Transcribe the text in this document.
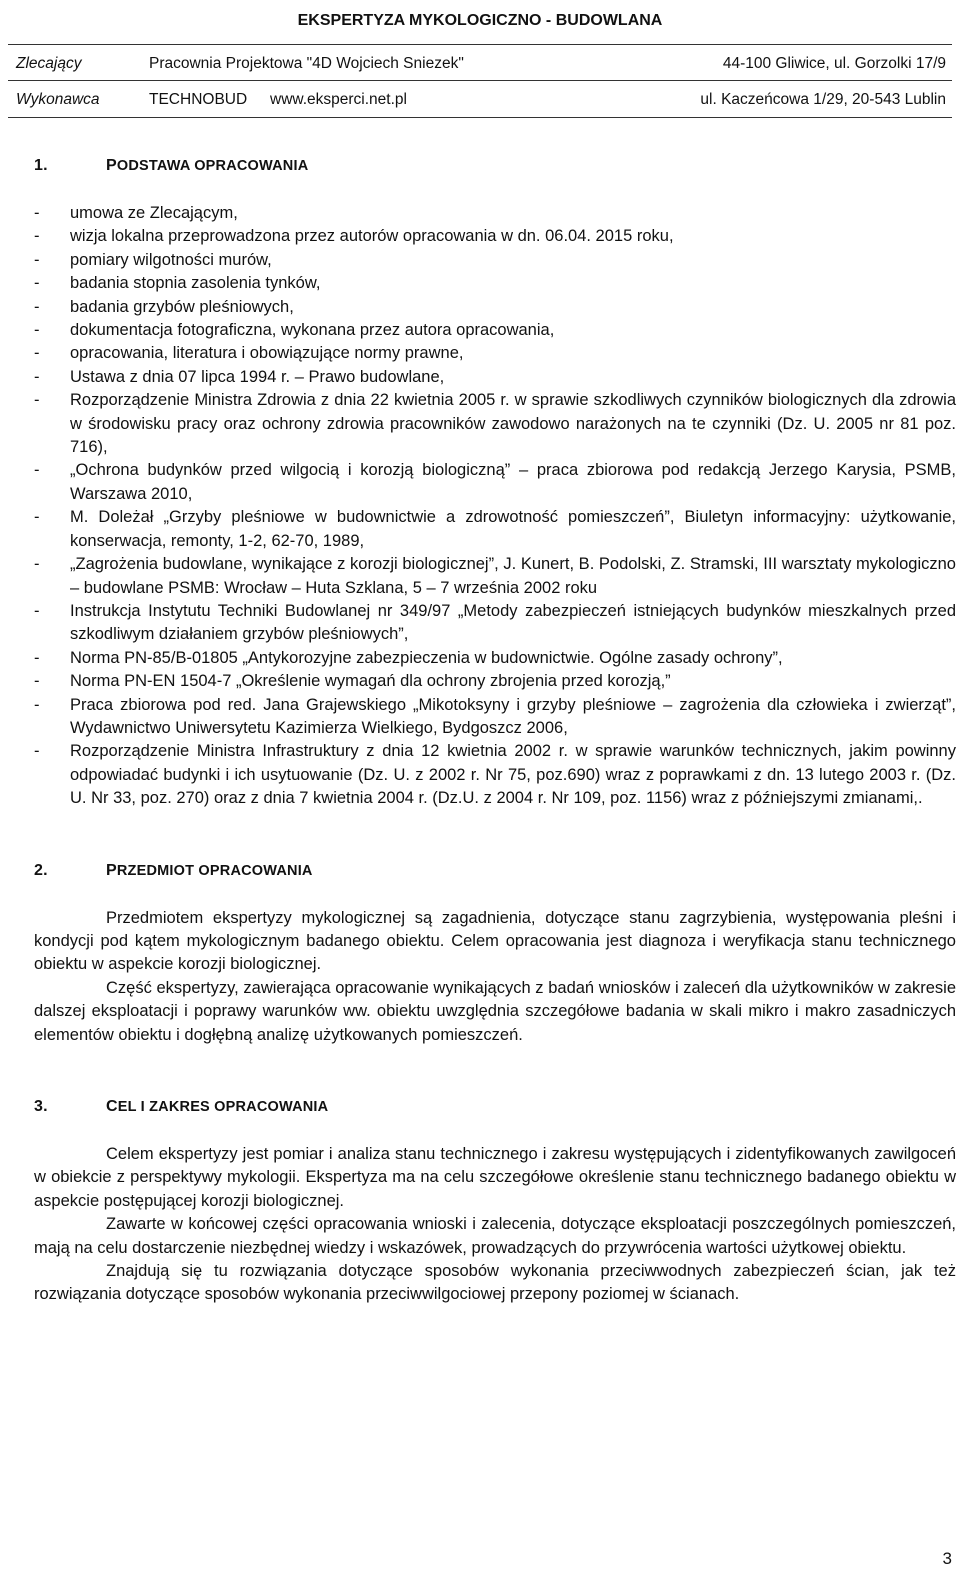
EKSPERTYZA MYKOLOGICZNO - BUDOWLANA
Zlecający	Pracownia Projektowa "4D Wojciech Sniezek"	44-100 Gliwice, ul. Gorzolki 17/9
Wykonawca	TECHNOBUD www.eksperci.net.pl	ul. Kaczeńcowa 1/29, 20-543 Lublin
1.	PODSTAWA OPRACOWANIA
- umowa ze Zlecającym,
- wizja lokalna przeprowadzona przez autorów opracowania w dn. 06.04. 2015 roku,
- pomiary wilgotności murów,
- badania stopnia zasolenia tynków,
- badania grzybów pleśniowych,
- dokumentacja fotograficzna, wykonana przez autora opracowania,
- opracowania, literatura i obowiązujące normy prawne,
- Ustawa z dnia 07 lipca 1994 r. – Prawo budowlane,
- Rozporządzenie Ministra Zdrowia z dnia 22 kwietnia 2005 r. w sprawie szkodliwych czynników biologicznych dla zdrowia w środowisku pracy oraz ochrony zdrowia pracowników zawodowo narażonych na te czynniki (Dz. U. 2005 nr 81 poz. 716),
- „Ochrona budynków przed wilgocią i korozją biologiczną” – praca zbiorowa pod redakcją Jerzego Karysia, PSMB, Warszawa 2010,
- M. Doleżał „Grzyby pleśniowe w budownictwie a zdrowotność pomieszczeń”, Biuletyn informacyjny: użytkowanie, konserwacja, remonty, 1-2, 62-70, 1989,
- „Zagrożenia budowlane, wynikające z korozji biologicznej”, J. Kunert, B. Podolski, Z. Stramski, III warsztaty mykologiczno – budowlane PSMB: Wrocław – Huta Szklana, 5 – 7 września 2002 roku
- Instrukcja Instytutu Techniki Budowlanej nr 349/97 „Metody zabezpieczeń istniejących budynków mieszkalnych przed szkodliwym działaniem grzybów pleśniowych”,
- Norma PN-85/B-01805 „Antykorozyjne zabezpieczenia w budownictwie. Ogólne zasady ochrony”,
- Norma PN-EN 1504-7 „Określenie wymagań dla ochrony zbrojenia przed korozją,”
- Praca zbiorowa pod red. Jana Grajewskiego „Mikotoksyny i grzyby pleśniowe – zagrożenia dla człowieka i zwierząt”, Wydawnictwo Uniwersytetu Kazimierza Wielkiego, Bydgoszcz 2006,
- Rozporządzenie Ministra Infrastruktury z dnia 12 kwietnia 2002 r. w sprawie warunków technicznych, jakim powinny odpowiadać budynki i ich usytuowanie (Dz. U. z 2002 r. Nr 75, poz.690) wraz z poprawkami z dn. 13 lutego 2003 r. (Dz. U. Nr 33, poz. 270) oraz z dnia 7 kwietnia 2004 r. (Dz.U. z 2004 r. Nr 109, poz. 1156) wraz z późniejszymi zmianami,.
2.	PRZEDMIOT OPRACOWANIA

Przedmiotem ekspertyzy mykologicznej są zagadnienia, dotyczące stanu zagrzybienia, występowania pleśni i kondycji pod kątem mykologicznym badanego obiektu. Celem opracowania jest diagnoza i weryfikacja stanu technicznego obiektu w aspekcie korozji biologicznej.

Część ekspertyzy, zawierająca opracowanie wynikających z badań wniosków i zaleceń dla użytkowników w zakresie dalszej eksploatacji i poprawy warunków ww. obiektu uwzględnia szczegółowe badania w skali mikro i makro zasadniczych elementów obiektu i dogłębną analizę użytkowanych pomieszczeń.

3.	CEL I ZAKRES OPRACOWANIA

Celem ekspertyzy jest pomiar i analiza stanu technicznego i zakresu występujących i zidentyfikowanych zawilgoceń w obiekcie z perspektywy mykologii. Ekspertyza ma na celu szczegółowe określenie stanu technicznego badanego obiektu w aspekcie postępującej korozji biologicznej.

Zawarte w końcowej części opracowania wnioski i zalecenia, dotyczące eksploatacji poszczególnych pomieszczeń, mają na celu dostarczenie niezbędnej wiedzy i wskazówek, prowadzących do przywrócenia wartości użytkowej obiektu.

Znajdują się tu rozwiązania dotyczące sposobów wykonania przeciwwodnych zabezpieczeń ścian, jak też rozwiązania dotyczące sposobów wykonania przeciwwilgociowej przepony poziomej w ścianach.

3
